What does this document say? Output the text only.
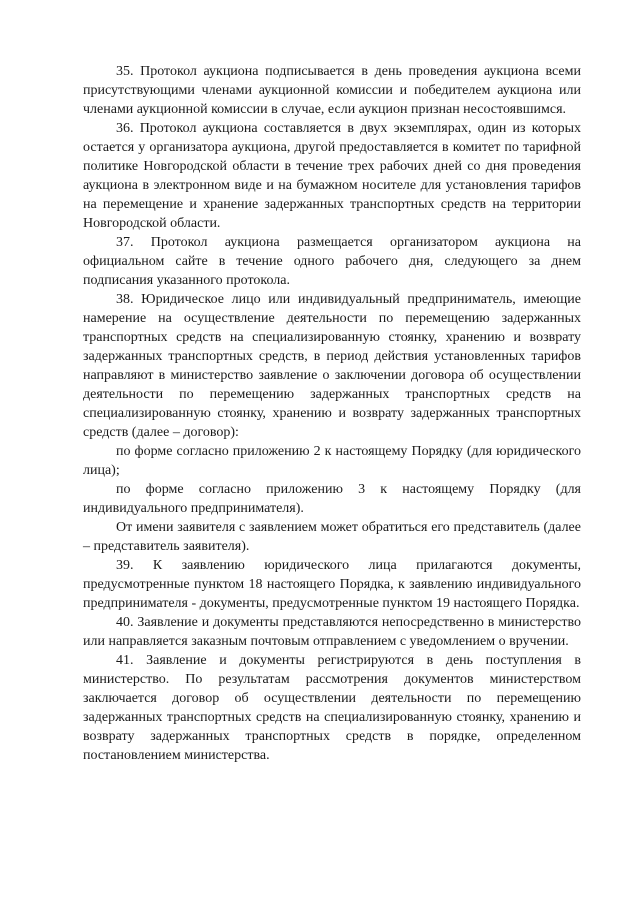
35. Протокол аукциона подписывается в день проведения аукциона всеми присутствующими членами аукционной комиссии и победителем аукциона или членами аукционной комиссии в случае, если аукцион признан несостоявшимся.

36. Протокол аукциона составляется в двух экземплярах, один из которых остается у организатора аукциона, другой предоставляется в комитет по тарифной политике Новгородской области в течение трех рабочих дней со дня проведения аукциона в электронном виде и на бумажном носителе для установления тарифов на перемещение и хранение задержанных транспортных средств на территории Новгородской области.

37. Протокол аукциона размещается организатором аукциона на официальном сайте в течение одного рабочего дня, следующего за днем подписания указанного протокола.

38. Юридическое лицо или индивидуальный предприниматель, имеющие намерение на осуществление деятельности по перемещению задержанных транспортных средств на специализированную стоянку, хранению и возврату задержанных транспортных средств, в период действия установленных тарифов направляют в министерство заявление о заключении договора об осуществлении деятельности по перемещению задержанных транспортных средств на специализированную стоянку, хранению и возврату задержанных транспортных средств (далее – договор):

по форме согласно приложению 2 к настоящему Порядку (для юридического лица);

по форме согласно приложению 3 к настоящему Порядку (для индивидуального предпринимателя).

От имени заявителя с заявлением может обратиться его представитель (далее – представитель заявителя).

39. К заявлению юридического лица прилагаются документы, предусмотренные пунктом 18 настоящего Порядка, к заявлению индивидуального предпринимателя - документы, предусмотренные пунктом 19 настоящего Порядка.

40. Заявление и документы представляются непосредственно в министерство или направляется заказным почтовым отправлением с уведомлением о вручении.

41. Заявление и документы регистрируются в день поступления в министерство. По результатам рассмотрения документов министерством заключается договор об осуществлении деятельности по перемещению задержанных транспортных средств на специализированную стоянку, хранению и возврату задержанных транспортных средств в порядке, определенном постановлением министерства.
